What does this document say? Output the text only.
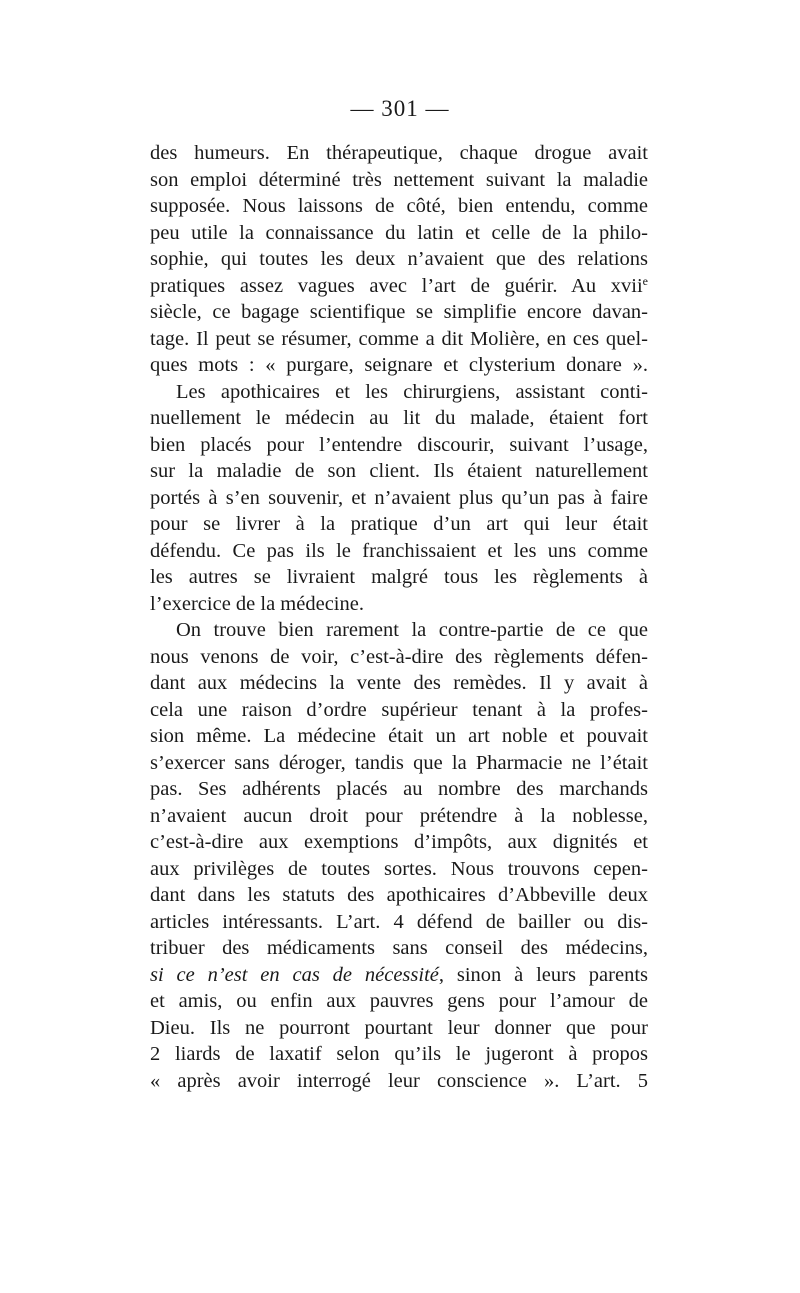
— 301 —
des humeurs. En thérapeutique, chaque drogue avait
son emploi déterminé très nettement suivant la maladie
supposée. Nous laissons de côté, bien entendu, comme
peu utile la connaissance du latin et celle de la philo-
sophie, qui toutes les deux n’avaient que des relations
pratiques assez vagues avec l’art de guérir. Au xvii$^e$
siècle, ce bagage scientifique se simplifie encore davan-
tage. Il peut se résumer, comme a dit Molière, en ces quel-
ques mots : « purgare, seignare et clysterium donare ».
Les apothicaires et les chirurgiens, assistant conti-
nuellement le médecin au lit du malade, étaient fort
bien placés pour l’entendre discourir, suivant l’usage,
sur la maladie de son client. Ils étaient naturellement
portés à s’en souvenir, et n’avaient plus qu’un pas à faire
pour se livrer à la pratique d’un art qui leur était
défendu. Ce pas ils le franchissaient et les uns comme
les autres se livraient malgré tous les règlements à
l’exercice de la médecine.
On trouve bien rarement la contre-partie de ce que
nous venons de voir, c’est-à-dire des règlements défen-
dant aux médecins la vente des remèdes. Il y avait à
cela une raison d’ordre supérieur tenant à la profes-
sion même. La médecine était un art noble et pouvait
s’exercer sans déroger, tandis que la Pharmacie ne l’était
pas. Ses adhérents placés au nombre des marchands
n’avaient aucun droit pour prétendre à la noblesse,
c’est-à-dire aux exemptions d’impôts, aux dignités et
aux privilèges de toutes sortes. Nous trouvons cepen-
dant dans les statuts des apothicaires d’Abbeville deux
articles intéressants. L’art. 4 défend de bailler ou dis-
tribuer des médicaments sans conseil des médecins,
si ce n’est en cas de nécessité, sinon à leurs parents
et amis, ou enfin aux pauvres gens pour l’amour de
Dieu. Ils ne pourront pourtant leur donner que pour
2 liards de laxatif selon qu’ils le jugeront à propos
« après avoir interrogé leur conscience ». L’art. 5
